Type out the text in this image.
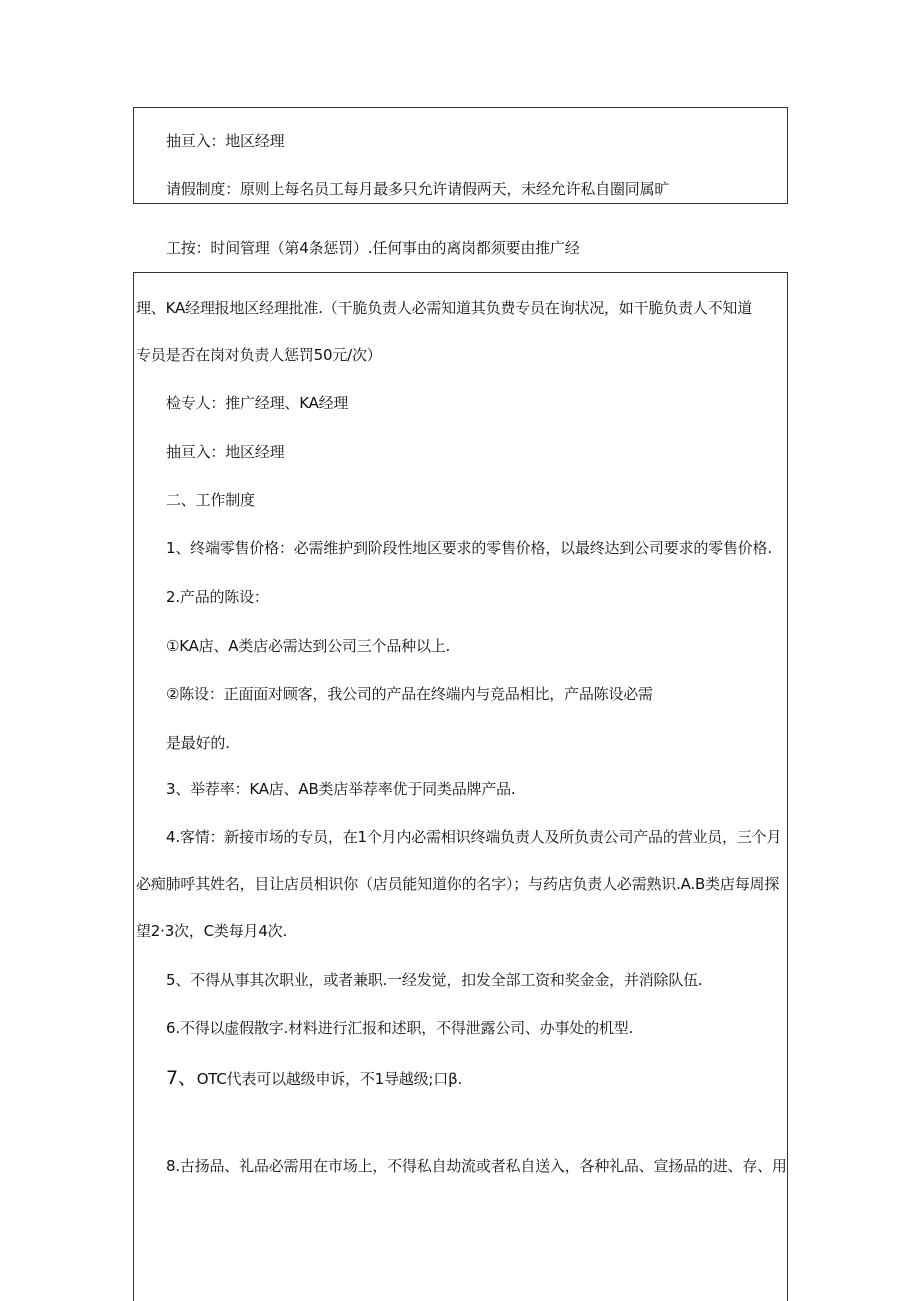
抽亘入：地区经理
请假制度：原则上每名员工每月最多只允许请假两天，未经允许私自圈同属旷
工按：时间管理（第4条惩罚）.任何事由的离岗都须要由推广经
理、KA经理报地区经理批准.（干脆负责人必需知道其负费专员在询状况，如干脆负责人不知道
专员是否在岗对负责人惩罚50元/次）
检专人：推广经理、KA经理
抽亘入：地区经理
二、工作制度
1、终端零售价格：必需维护到阶段性地区要求的零售价格，以最终达到公司要求的零售价格.
2.产品的陈设：
①KA店、A类店必需达到公司三个品种以上.
②陈设：正面面对顾客，我公司的产品在终端内与竞品相比，产品陈设必需
是最好的.
3、举荐率：KA店、AB类店举荐率优于同类品牌产品.
4.客情：新接市场的专员，在1个月内必需相识终端负责人及所负责公司产品的营业员，三个月
必痴肺呼其姓名，目让店员相识你（店员能知道你的名字）；与药店负责人必需熟识.A.B类店每周探
望2·3次，C类每月4次.
5、不得从事其次职业，或者兼职.一经发觉，扣发全部工资和奖金金，并消除队伍.
6.不得以虚假散字.材料进行汇报和述职，不得泄露公司、办事处的机型.
7、OTC代表可以越级申诉，不1导越级;口β.
8.古扬品、礼品必需用在市场上，不得私自劫流或者私自送入，各种礼品、宣扬品的进、存、用
